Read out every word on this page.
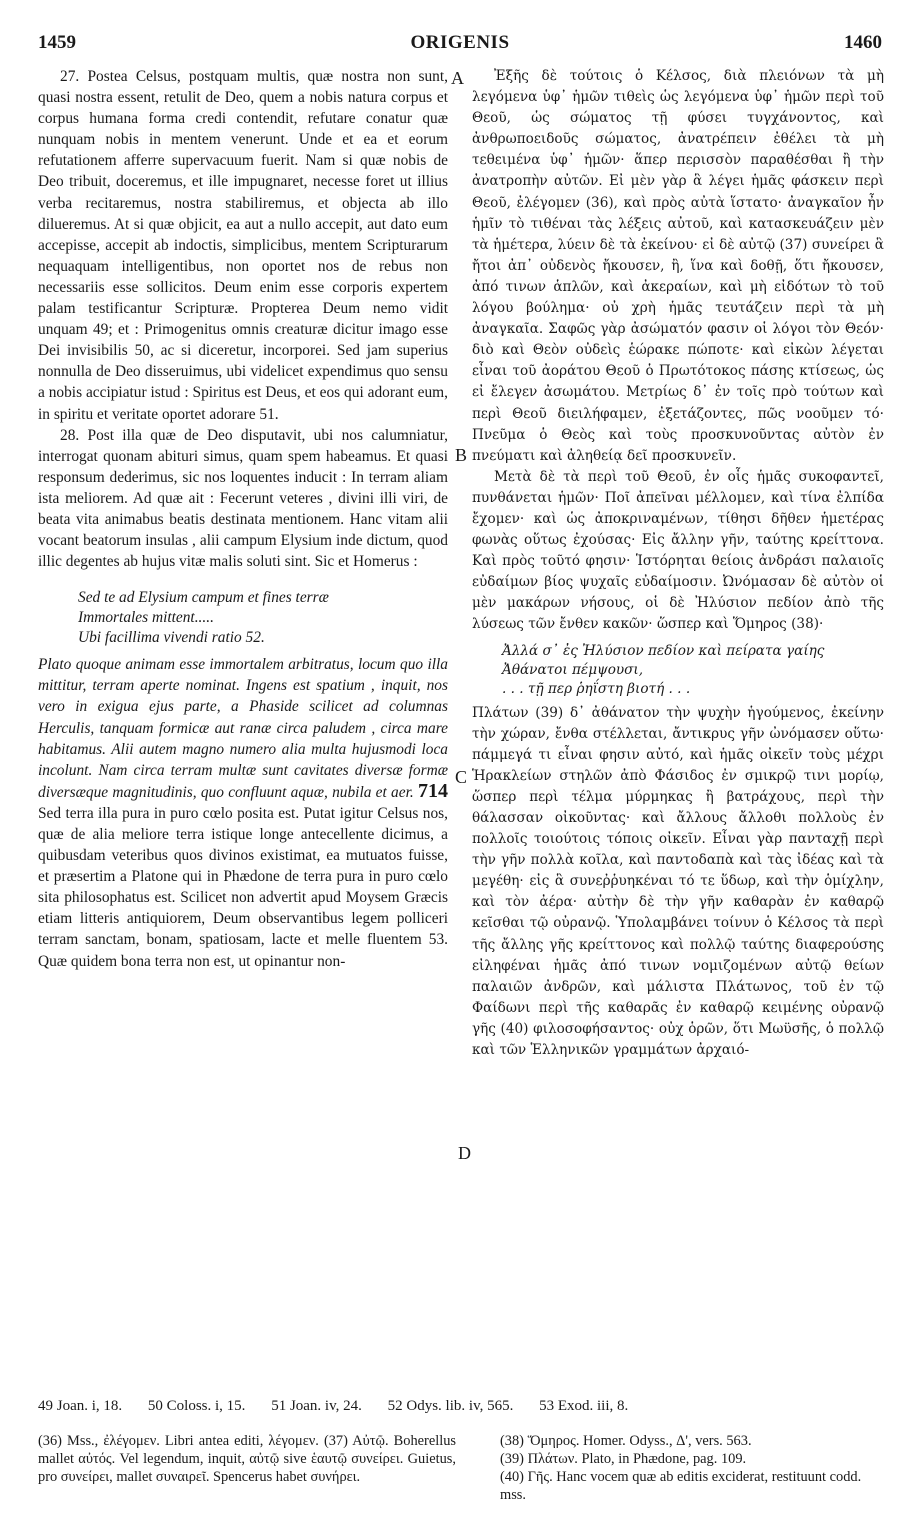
1459	ORIGENIS	1460

27. Postea Celsus, postquam multis, quæ nostra non sunt, quasi nostra essent, retulit de Deo, quem a nobis natura corpus et corpus humana forma credi contendit, refutare conatur quæ nunquam nobis in mentem venerunt. Unde et ea et eorum refutationem afferre supervacuum fuerit. Nam si quæ nobis de Deo tribuit, doceremus, et ille impugnaret, necesse foret ut illius verba recitaremus, nostra stabiliremus, et objecta ab illo dilueremus. At si quæ objicit, ea aut a nullo accepit, aut dato eum accepisse, accepit ab indoctis, simplicibus, mentem Scripturarum nequaquam intelligentibus, non oportet nos de rebus non necessariis esse sollicitos. Deum enim esse corporis expertem palam testificantur Scripturæ. Propterea Deum nemo vidit unquam 49; et : Primogenitus omnis creaturæ dicitur imago esse Dei invisibilis 50, ac si diceretur, incorporei. Sed jam superius nonnulla de Deo disseruimus, ubi videlicet expendimus quo sensu a nobis accipiatur istud : Spiritus est Deus, et eos qui adorant eum, in spiritu et veritate oportet adorare 51.

28. Post illa quæ de Deo disputavit, ubi nos calumniatur, interrogat quonam abituri simus, quam spem habeamus. Et quasi responsum dederimus, sic nos loquentes inducit : In terram aliam ista meliorem. Ad quæ ait : Fecerunt veteres , divini illi viri, de beata vita animabus beatis destinata mentionem. Hanc vitam alii vocant beatorum insulas , alii campum Elysium inde dictum, quod illic degentes ab hujus vitæ malis soluti sint. Sic et Homerus :

Sed te ad Elysium campum et fines terræ
Immortales mittent.....
Ubi facillima vivendi ratio 52.

Plato quoque animam esse immortalem arbitratus, locum quo illa mittitur, terram aperte nominat. Ingens est spatium , inquit, nos vero in exigua ejus parte, a Phaside scilicet ad columnas Herculis, tanquam formicæ aut ranæ circa paludem , circa mare habitamus. Alii autem magno numero alia multa hujusmodi loca incolunt. Nam circa terram multæ sunt cavitates diversæ formæ diversæque magnitudinis, quo confluunt aquæ, nubila et aer. 714 Sed terra illa pura in puro cœlo posita est. Putat igitur Celsus nos, quæ de alia meliore terra istique longe antecellente dicimus, a quibusdam veteribus quos divinos existimat, ea mutuatos fuisse, et præsertim a Platone qui in Phædone de terra pura in puro cœlo sita philosophatus est. Scilicet non advertit apud Moysem Græcis etiam litteris antiquiorem, Deum observantibus legem polliceri terram sanctam, bonam, spatiosam, lacte et melle fluentem 53. Quæ quidem bona terra non est, ut opinantur non-

A
B
C
D

Ἐξῆς δὲ τούτοις ὁ Κέλσος, διὰ πλειόνων τὰ μὴ λεγόμενα ὑφ᾽ ἡμῶν τιθεὶς ὡς λεγόμενα ὑφ᾽ ἡμῶν περὶ τοῦ Θεοῦ, ὡς σώματος τῇ φύσει τυγχάνοντος, καὶ ἀνθρωποειδοῦς σώματος, ἀνατρέπειν ἐθέλει τὰ μὴ τεθειμένα ὑφ᾽ ἡμῶν· ἅπερ περισσὸν παραθέσθαι ἢ τὴν ἀνατροπὴν αὐτῶν. Εἰ μὲν γὰρ ἃ λέγει ἡμᾶς φάσκειν περὶ Θεοῦ, ἐλέγομεν (36), καὶ πρὸς αὐτὰ ἵστατο· ἀναγκαῖον ἦν ἡμῖν τὸ τιθέναι τὰς λέξεις αὐτοῦ, καὶ κατασκευάζειν μὲν τὰ ἡμέτερα, λύειν δὲ τὰ ἐκείνου· εἰ δὲ αὐτῷ (37) συνείρει ἃ ἤτοι ἀπ᾽ οὐδενὸς ἤκουσεν, ἢ, ἵνα καὶ δοθῇ, ὅτι ἤκουσεν, ἀπό τινων ἁπλῶν, καὶ ἀκεραίων, καὶ μὴ εἰδότων τὸ τοῦ λόγου βούλημα· οὐ χρὴ ἡμᾶς τευτάζειν περὶ τὰ μὴ ἀναγκαῖα. Σαφῶς γὰρ ἀσώματόν φασιν οἱ λόγοι τὸν Θεόν· διὸ καὶ Θεὸν οὐδεὶς ἑώρακε πώποτε· καὶ εἰκὼν λέγεται εἶναι τοῦ ἀοράτου Θεοῦ ὁ Πρωτότοκος πάσης κτίσεως, ὡς εἰ ἔλεγεν ἀσωμάτου. Μετρίως δ᾽ ἐν τοῖς πρὸ τούτων καὶ περὶ Θεοῦ διειλήφαμεν, ἐξετάζοντες, πῶς νοοῦμεν τό· Πνεῦμα ὁ Θεὸς καὶ τοὺς προσκυνοῦντας αὐτὸν ἐν πνεύματι καὶ ἀληθείᾳ δεῖ προσκυνεῖν.

Μετὰ δὲ τὰ περὶ τοῦ Θεοῦ, ἐν οἷς ἡμᾶς συκοφαντεῖ, πυνθάνεται ἡμῶν· Ποῖ ἀπεῖναι μέλλομεν, καὶ τίνα ἐλπίδα ἔχομεν· καὶ ὡς ἀποκριναμένων, τίθησι δῆθεν ἡμετέρας φωνὰς οὕτως ἐχούσας· Εἰς ἄλλην γῆν, ταύτης κρείττονα. Καὶ πρὸς τοῦτό φησιν· Ἱστόρηται θείοις ἀνδράσι παλαιοῖς εὐδαίμων βίος ψυχαῖς εὐδαίμοσιν. Ὠνόμασαν δὲ αὐτὸν οἱ μὲν μακάρων νήσους, οἱ δὲ Ἠλύσιον πεδίον ἀπὸ τῆς λύσεως τῶν ἔνθεν κακῶν· ὥσπερ καὶ Ὅμηρος (38)·

Ἀλλά σ᾽ ἐς Ἠλύσιον πεδίον καὶ πείρατα γαίης
Ἀθάνατοι πέμψουσι,
. . . τῇ περ ῥηΐστη βιοτή . . .

Πλάτων (39) δ᾽ ἀθάνατον τὴν ψυχὴν ἡγούμενος, ἐκείνην τὴν χώραν, ἔνθα στέλλεται, ἄντικρυς γῆν ὠνόμασεν οὕτω· πάμμεγά τι εἶναι φησιν αὐτό, καὶ ἡμᾶς οἰκεῖν τοὺς μέχρι Ἡρακλείων στηλῶν ἀπὸ Φάσιδος ἐν σμικρῷ τινι μορίῳ, ὥσπερ περὶ τέλμα μύρμηκας ἢ βατράχους, περὶ τὴν θάλασσαν οἰκοῦντας· καὶ ἄλλους ἄλλοθι πολλοὺς ἐν πολλοῖς τοιούτοις τόποις οἰκεῖν. Εἶναι γὰρ πανταχῇ περὶ τὴν γῆν πολλὰ κοῖλα, καὶ παντοδαπὰ καὶ τὰς ἰδέας καὶ τὰ μεγέθη· εἰς ἃ συνεῤῥυηκέναι τό τε ὕδωρ, καὶ τὴν ὁμίχλην, καὶ τὸν ἀέρα· αὐτὴν δὲ τὴν γῆν καθαρὰν ἐν καθαρῷ κεῖσθαι τῷ οὐρανῷ. Ὑπολαμβάνει τοίνυν ὁ Κέλσος τὰ περὶ τῆς ἄλλης γῆς κρείττονος καὶ πολλῷ ταύτης διαφερούσης εἰληφέναι ἡμᾶς ἀπό τινων νομιζομένων αὐτῷ θείων παλαιῶν ἀνδρῶν, καὶ μάλιστα Πλάτωνος, τοῦ ἐν τῷ Φαίδωνι περὶ τῆς καθαρᾶς ἐν καθαρῷ κειμένης οὐρανῷ γῆς (40) φιλοσοφήσαντος· οὐχ ὁρῶν, ὅτι Μωϋσῆς, ὁ πολλῷ καὶ τῶν Ἑλληνικῶν γραμμάτων ἀρχαιό-

49 Joan. i, 18. 50 Coloss. i, 15. 51 Joan. iv, 24. 52 Odys. lib. iv, 565. 53 Exod. iii, 8.
(36) Mss., ἐλέγομεν. Libri antea editi, λέγομεν. (37) Αὐτῷ. Boherellus mallet αὐτός. Vel legendum, inquit, αὐτῷ sive ἑαυτῷ συνείρει. Guietus, pro συνείρει, mallet συναιρεῖ. Spencerus habet συνήρει.
(38) Ὅμηρος. Homer. Odyss., Δ', vers. 563.
(39) Πλάτων. Plato, in Phædone, pag. 109.
(40) Γῆς. Hanc vocem quæ ab editis exciderat, restituunt codd. mss.
